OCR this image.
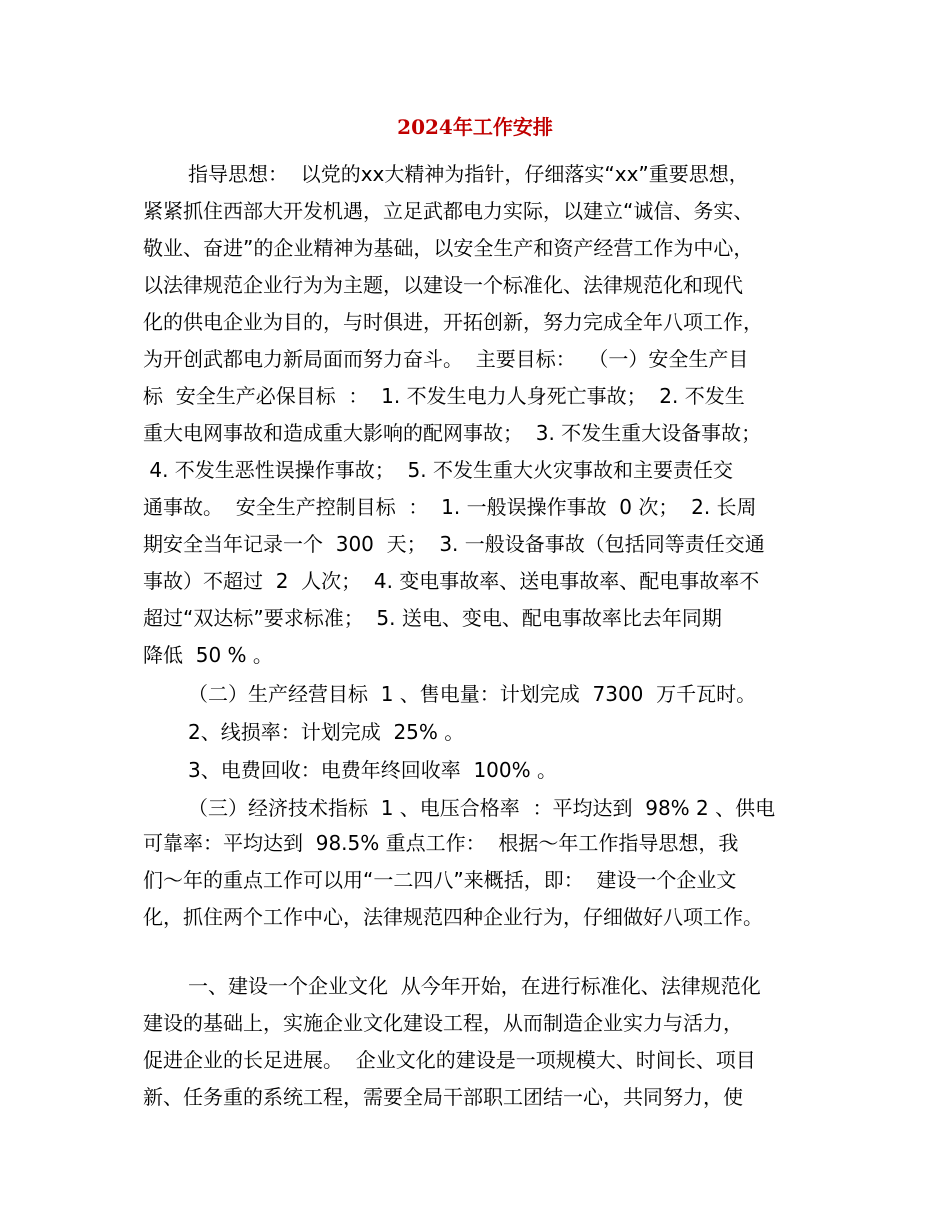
2024年工作安排
指导思想：  以党的xx大精神为指针，仔细落实“xx”重要思想，
紧紧抓住西部大开发机遇，立足武都电力实际，以建立“诚信、务实、
敬业、奋进”的企业精神为基础，以安全生产和资产经营工作为中心，
以法律规范企业行为为主题，以建设一个标准化、法律规范化和现代
化的供电企业为目的，与时俱进，开拓创新，努力完成全年八项工作，
为开创武都电力新局面而努力奋斗。  主要目标：  （一）安全生产目
标  安全生产必保目标  ：  1. 不发生电力人身死亡事故；  2. 不发生
重大电网事故和造成重大影响的配网事故；  3. 不发生重大设备事故；
4. 不发生恶性误操作事故；  5. 不发生重大火灾事故和主要责任交
通事故。  安全生产控制目标  ：  1. 一般误操作事故  0 次；  2. 长周
期安全当年记录一个  300  天；  3. 一般设备事故（包括同等责任交通
事故）不超过  2  人次；  4. 变电事故率、送电事故率、配电事故率不
超过“双达标”要求标准；  5. 送电、变电、配电事故率比去年同期
降低  50 % 。
（二）生产经营目标  1 、售电量：计划完成  7300  万千瓦时。
2、线损率：计划完成  25% 。
3、电费回收：电费年终回收率  100% 。
（三）经济技术指标  1 、电压合格率  ：平均达到  98% 2 、供电
可靠率：平均达到  98.5% 重点工作：  根据～年工作指导思想，我
们～年的重点工作可以用“一二四八”来概括，即：  建设一个企业文
化，抓住两个工作中心，法律规范四种企业行为，仔细做好八项工作。
一、建设一个企业文化  从今年开始，在进行标准化、法律规范化
建设的基础上，实施企业文化建设工程，从而制造企业实力与活力，
促进企业的长足进展。  企业文化的建设是一项规模大、时间长、项目
新、任务重的系统工程，需要全局干部职工团结一心，共同努力，使
